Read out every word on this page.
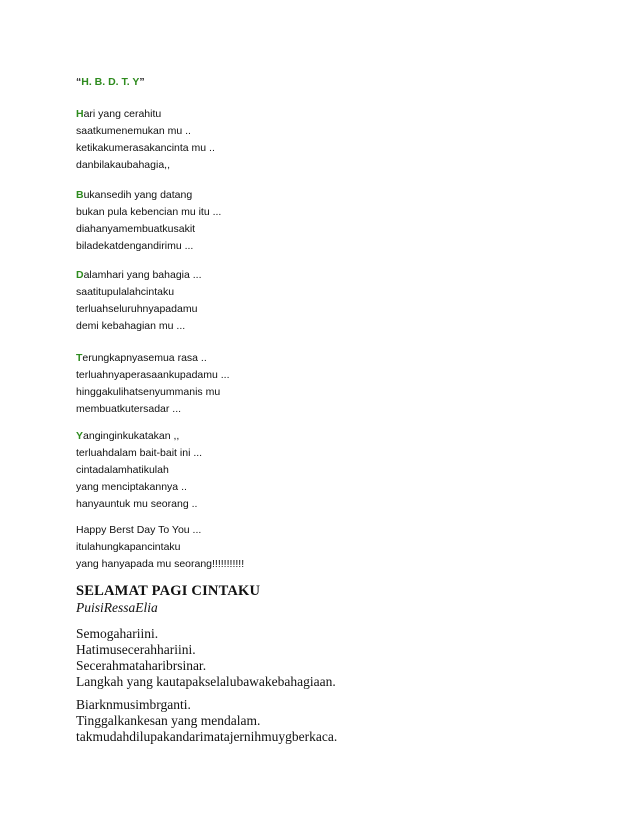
“H. B. D. T. Y”
Hari yang cerahitu
saatkumenemukan mu ..
ketikakumerasakancinta mu ..
danbilakaubahagia,,
Bukansedih yang datang
bukan pula kebencian mu itu ...
diahanyamembuatkusakit
biladekatdengandirimu ...
Dalamhari yang bahagia ...
saatitupulalahcintaku
terluahseluruhnyapadamu
demi kebahagian mu ...
Terungkapnyasemua rasa ..
terluahnyaperasaankupadamu ...
hinggakulihatsenyummanis mu
membuatkutersadar ...
Yanginginkukatakan ,,
terluahdalam bait-bait ini ...
cintadalamhatikulah
yang menciptakannya ..
hanyauntuk mu seorang ..
Happy Berst Day To You ...
itulahungkapancintaku
yang hanyapada mu seorang!!!!!!!!!!!
SELAMAT PAGI CINTAKU
PuisiRessaElia
Semogahariini.
Hatimusecerahhariini.
Secerahmataharibrsinar.
Langkah yang kautapakselalubawakebahagiaan.
Biarknmusimbrganti.
Tinggalkankesan yang mendalam.
takmudahdilupakandarimatajernihmuygberkaca.
